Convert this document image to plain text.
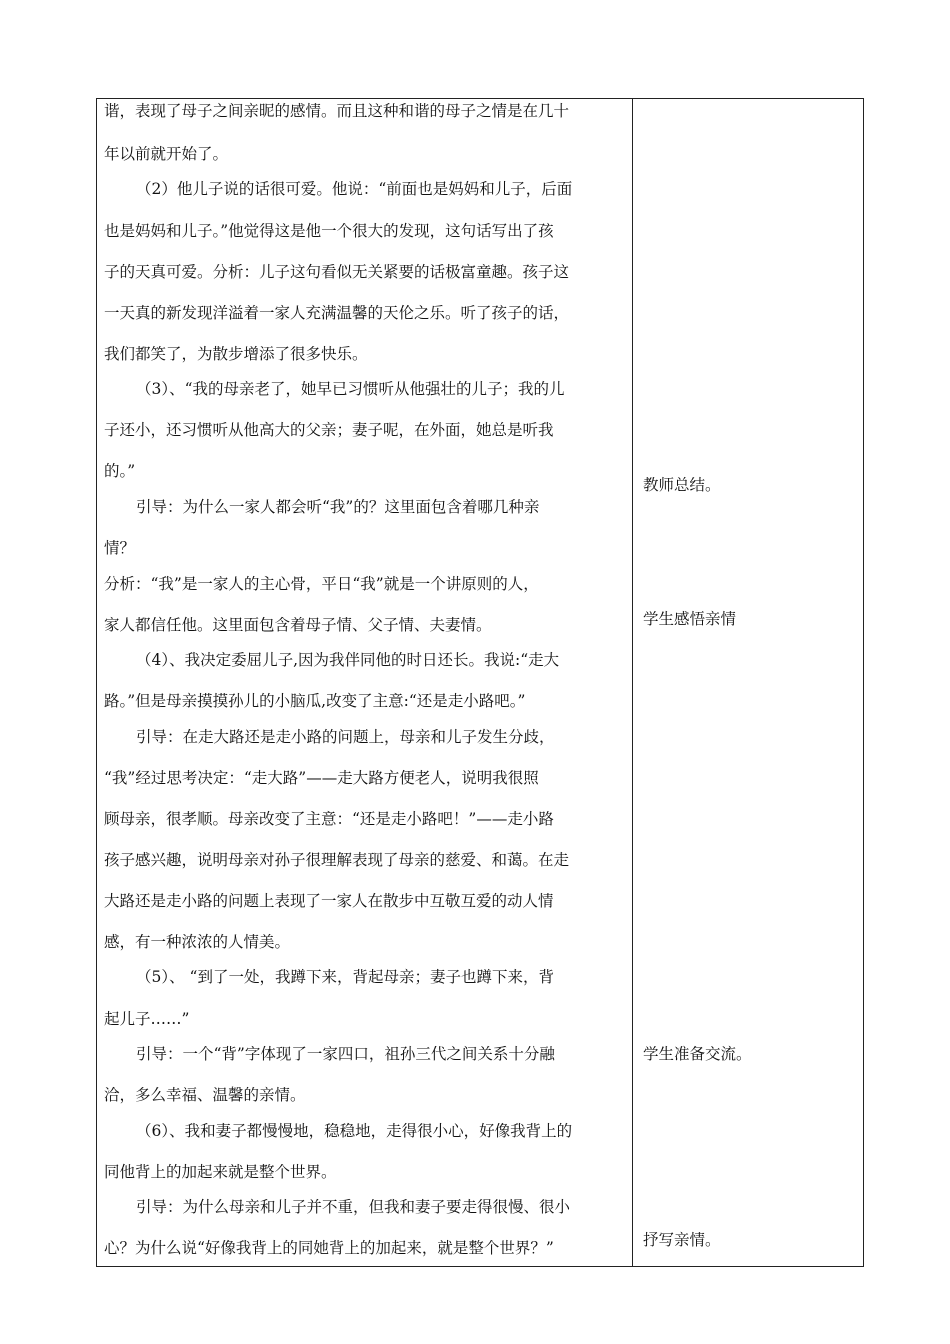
谐，表现了母子之间亲昵的感情。而且这种和谐的母子之情是在几十
年以前就开始了。
（2）他儿子说的话很可爱。他说：“前面也是妈妈和儿子，后面
也是妈妈和儿子。”他觉得这是他一个很大的发现，这句话写出了孩
子的天真可爱。分析：儿子这句看似无关紧要的话极富童趣。孩子这
一天真的新发现洋溢着一家人充满温馨的天伦之乐。听了孩子的话，
我们都笑了，为散步增添了很多快乐。
（3）、“我的母亲老了，她早已习惯听从他强壮的儿子；我的儿
子还小，还习惯听从他高大的父亲；妻子呢，在外面，她总是听我
的。”
引导：为什么一家人都会听“我”的？这里面包含着哪几种亲
情？
分析：“我”是一家人的主心骨，平日“我”就是一个讲原则的人，
家人都信任他。这里面包含着母子情、父子情、夫妻情。
（4）、我决定委屈儿子,因为我伴同他的时日还长。我说:“走大
路。”但是母亲摸摸孙儿的小脑瓜,改变了主意:“还是走小路吧。”
引导：在走大路还是走小路的问题上，母亲和儿子发生分歧，
“我”经过思考决定：“走大路”——走大路方便老人，说明我很照
顾母亲，很孝顺。母亲改变了主意：“还是走小路吧！”——走小路
孩子感兴趣，说明母亲对孙子很理解表现了母亲的慈爱、和蔼。在走
大路还是走小路的问题上表现了一家人在散步中互敬互爱的动人情
感，有一种浓浓的人情美。
（5）、 “到了一处，我蹲下来，背起母亲；妻子也蹲下来，背
起儿子……”
引导：一个“背”字体现了一家四口，祖孙三代之间关系十分融
洽，多么幸福、温馨的亲情。
（6）、我和妻子都慢慢地，稳稳地，走得很小心，好像我背上的
同他背上的加起来就是整个世界。
引导：为什么母亲和儿子并不重，但我和妻子要走得很慢、很小
心？为什么说“好像我背上的同她背上的加起来，就是整个世界？”
教师总结。
学生感悟亲情
学生准备交流。
抒写亲情。
